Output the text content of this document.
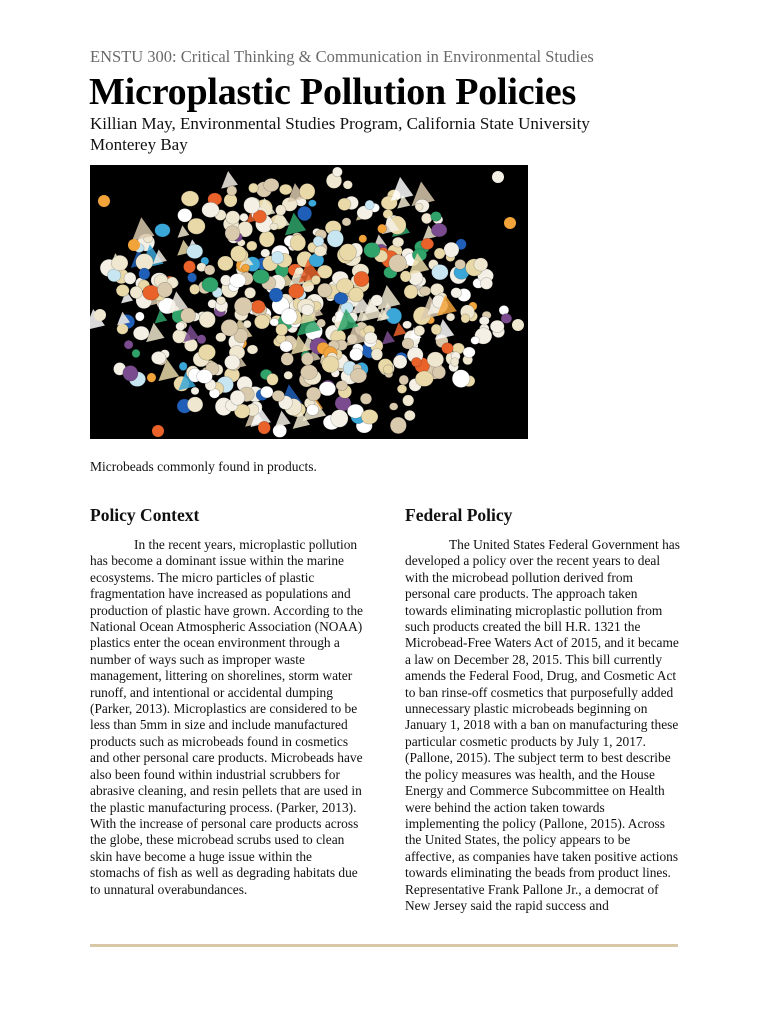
ENSTU 300: Critical Thinking & Communication in Environmental Studies
Microplastic Pollution Policies
Killian May, Environmental Studies Program, California State University Monterey Bay
Microbeads commonly found in products.
Policy Context	Federal Policy

In the recent years, microplastic pollution has become a dominant issue within the marine ecosystems. The micro particles of plastic fragmentation have increased as populations and production of plastic have grown. According to the National Ocean Atmospheric Association (NOAA) plastics enter the ocean environment through a number of ways such as improper waste management, littering on shorelines, storm water runoff, and intentional or accidental dumping (Parker, 2013). Microplastics are considered to be less than 5mm in size and include manufactured products such as microbeads found in cosmetics and other personal care products. Microbeads have also been found within industrial scrubbers for abrasive cleaning, and resin pellets that are used in the plastic manufacturing process. (Parker, 2013). With the increase of personal care products across the globe, these microbead scrubs used to clean skin have become a huge issue within the stomachs of fish as well as degrading habitats due to unnatural overabundances.

The United States Federal Government has developed a policy over the recent years to deal with the microbead pollution derived from personal care products. The approach taken towards eliminating microplastic pollution from such products created the bill H.R. 1321 the Microbead-Free Waters Act of 2015, and it became a law on December 28, 2015. This bill currently amends the Federal Food, Drug, and Cosmetic Act to ban rinse-off cosmetics that purposefully added unnecessary plastic microbeads beginning on January 1, 2018 with a ban on manufacturing these particular cosmetic products by July 1, 2017. (Pallone, 2015). The subject term to best describe the policy measures was health, and the House Energy and Commerce Subcommittee on Health were behind the action taken towards implementing the policy (Pallone, 2015). Across the United States, the policy appears to be affective, as companies have taken positive actions towards eliminating the beads from product lines. Representative Frank Pallone Jr., a democrat of New Jersey said the rapid success and
